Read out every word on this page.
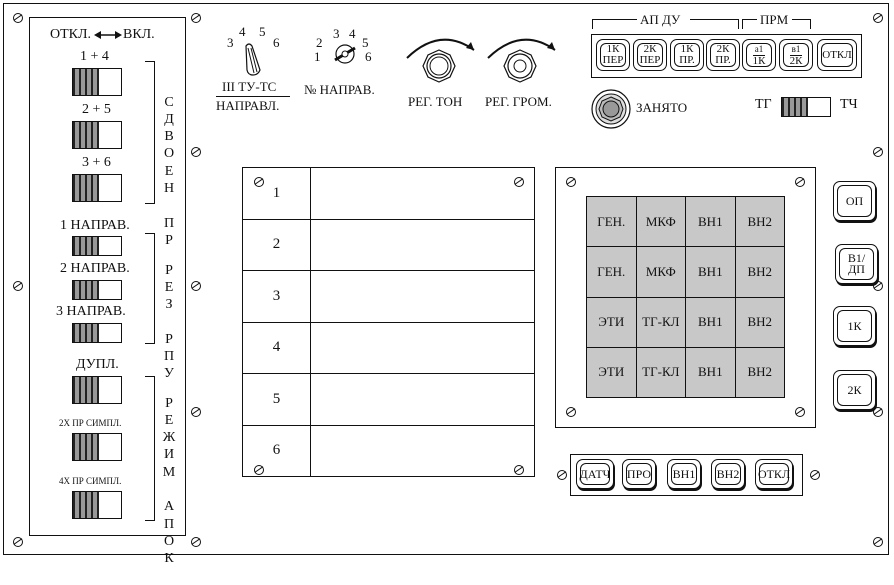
ОТКЛ. ВКЛ.
1 + 4
2 + 5
3 + 6

С
Д
В
О
Е
Н

П
Р

1 НАПРАВ.
2 НАПРАВ.
3 НАПРАВ.

Р
Е
З

Р
П
У

ДУПЛ.
2Х ПР СИМПЛ.
4Х ПР СИМПЛ.

Р
Е
Ж
И
М

А
П
О
К

3
4 5
6
III ТУ-ТС
НАПРАВЛ.
1
2
3 4
5
6
№ НАПРАВ.
РЕГ. ТОН РЕГ. ГРОМ.
АП ДУ	ПРМ
1К
ПЕР
2К
ПЕР
1К
ПР.
2К
ПР.
а1
1К
в1
2К ОТКЛ
ЗАНЯТО	ТГ	ТЧ
1	
2	
3	
4	
5	
6	
ГЕН.	МКФ	ВН1	ВН2
ГЕН.	МКФ	ВН1	ВН2
ЭТИ	ТГ-КЛ	ВН1	ВН2
ЭТИ	ТГ-КЛ	ВН1	ВН2
ДАТЧ ПРО ВН1 ВН2 ОТКЛ
ОП
В1/ДП
1К
2К
